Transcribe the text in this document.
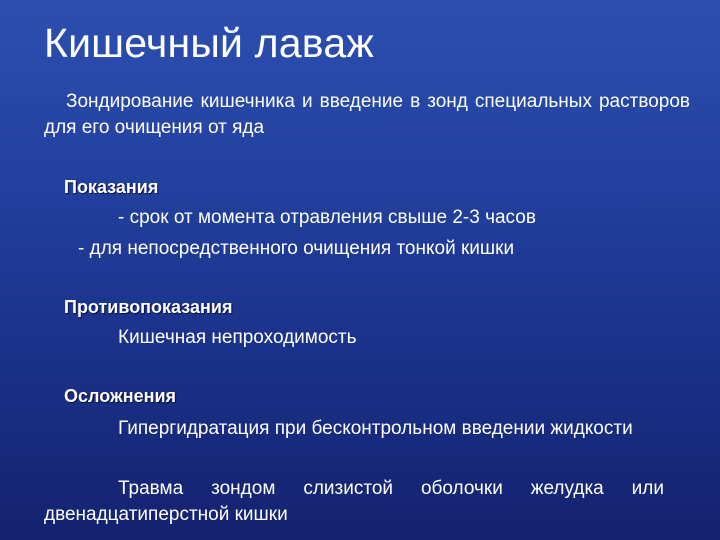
Кишечный лаваж
Зондирование кишечника и введение в зонд специальных растворов для его очищения от яда
Показания
- срок от момента отравления свыше 2-3 часов
- для непосредственного очищения тонкой кишки
Противопоказания
Кишечная непроходимость
Осложнения
Гипергидратация при бесконтрольном введении жидкости
Травма зондом слизистой оболочки желудка или двенадцатиперстной кишки
